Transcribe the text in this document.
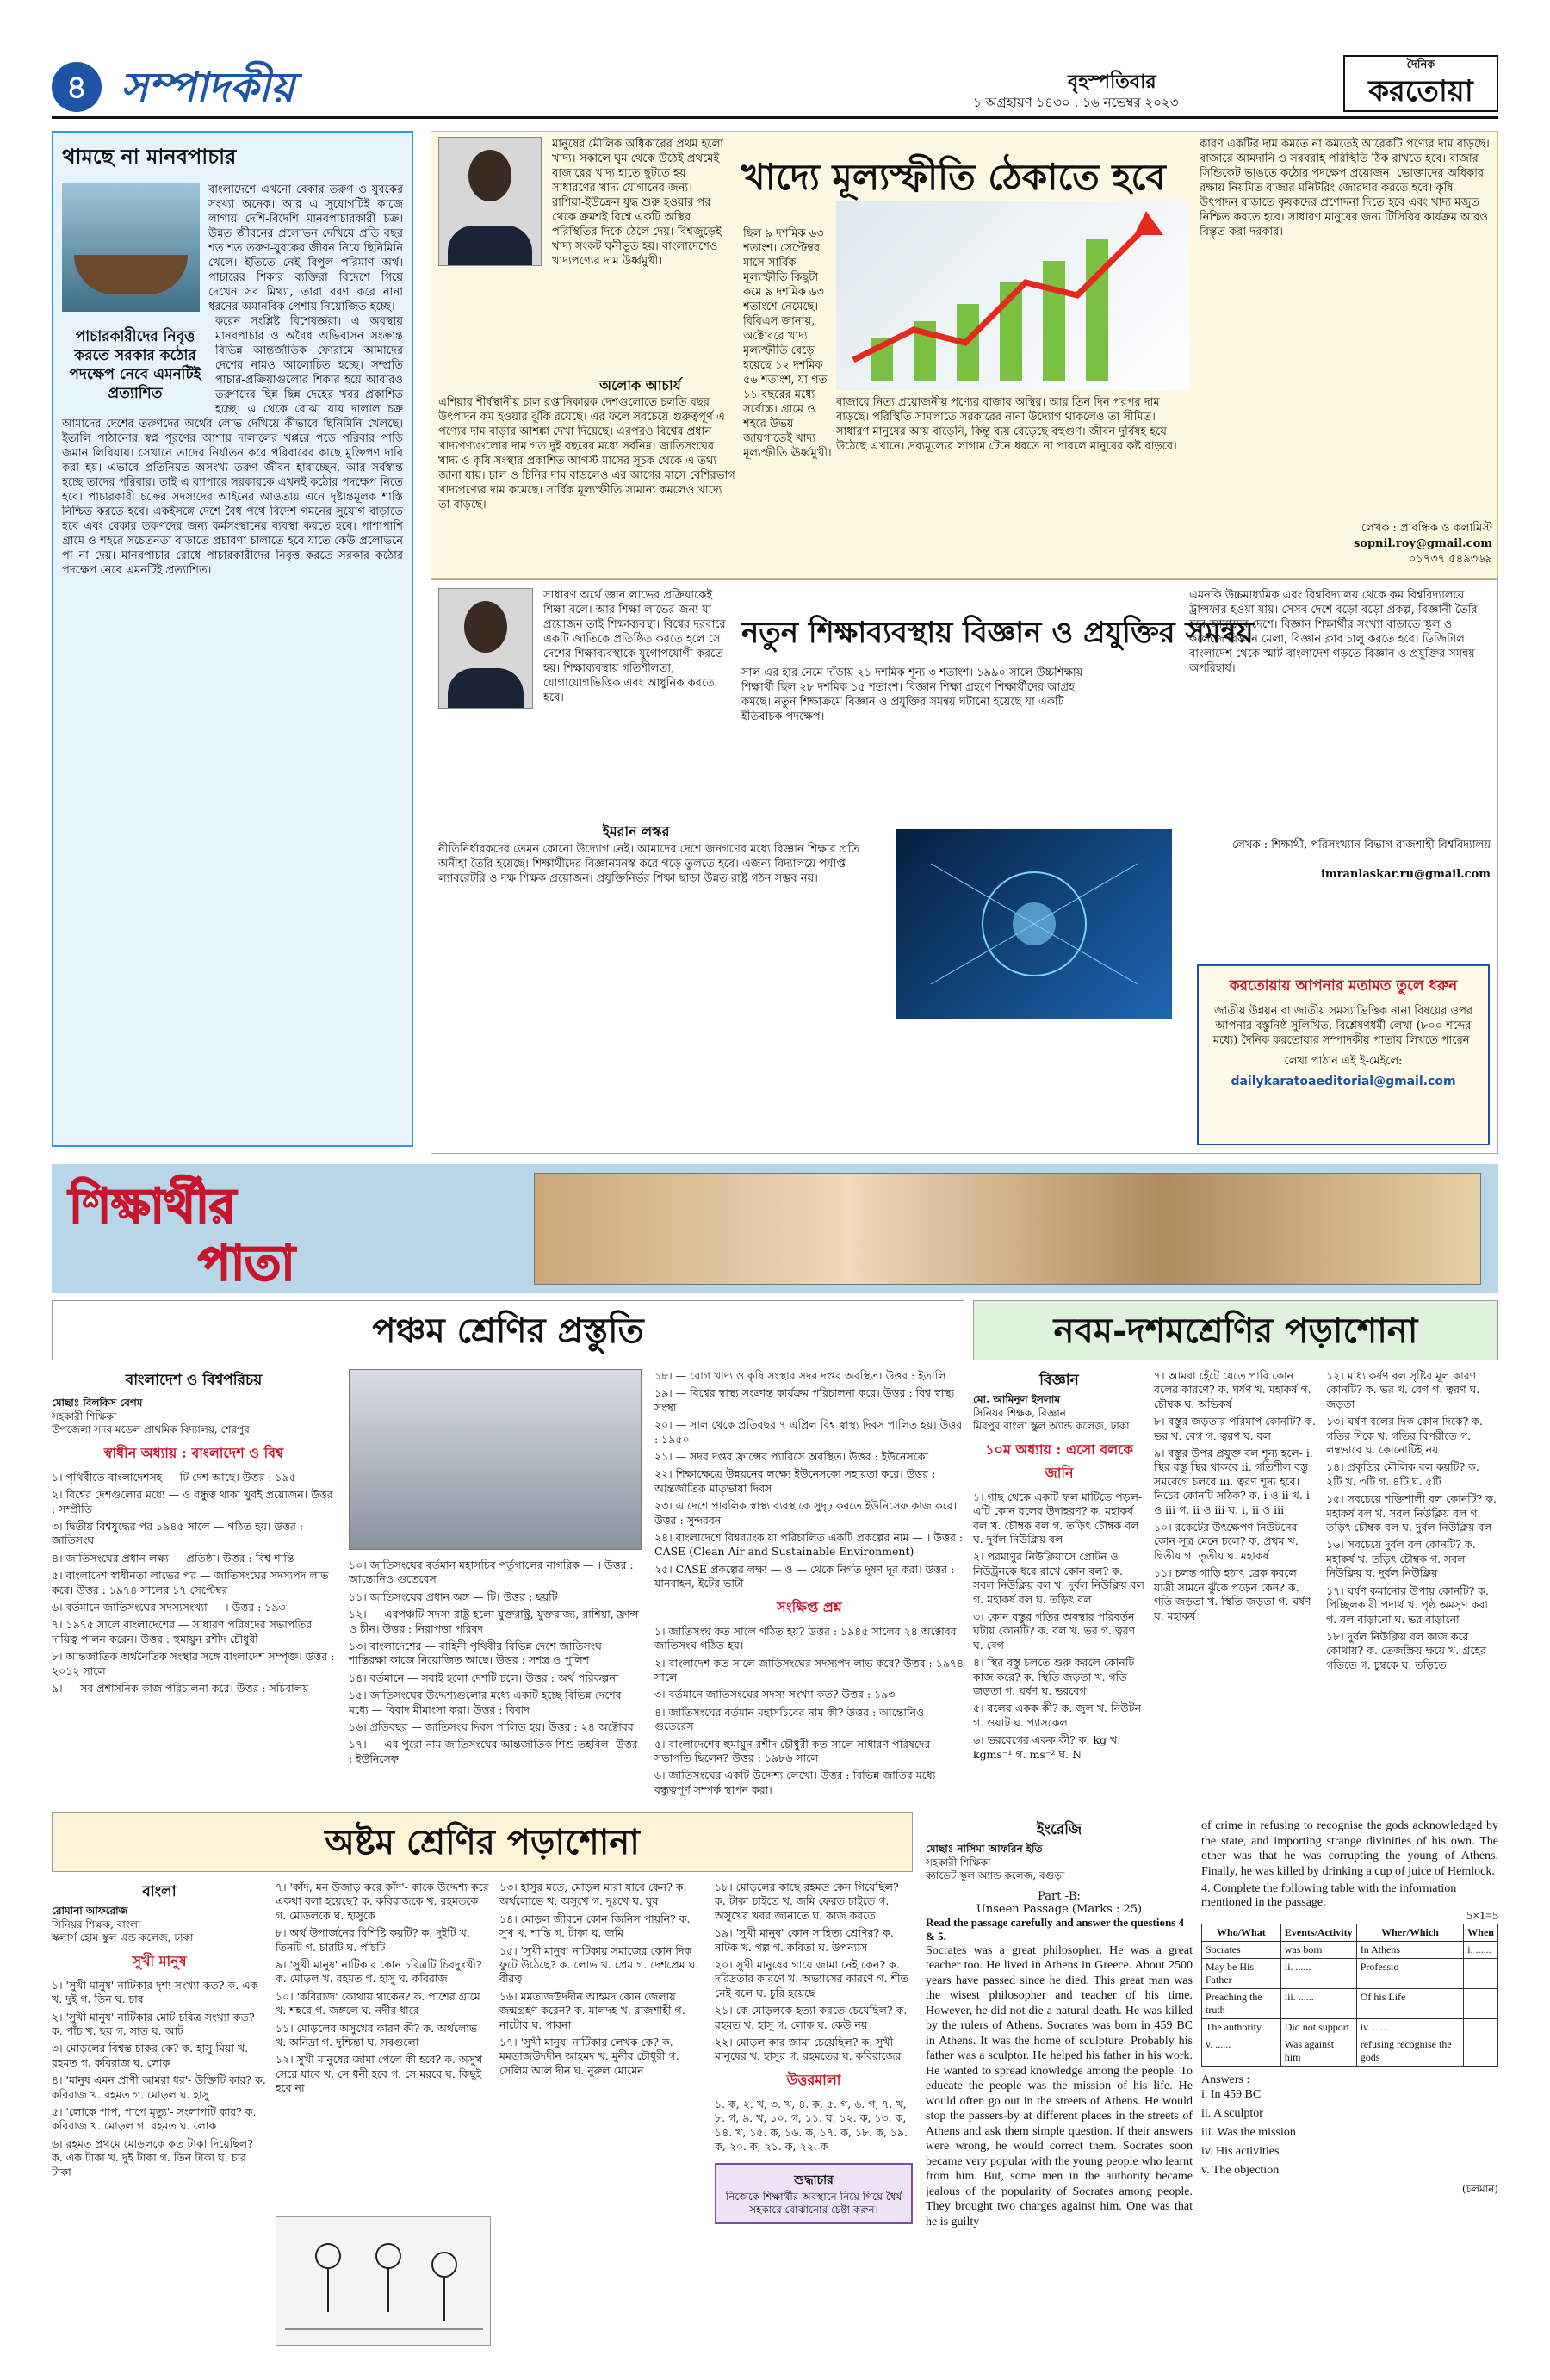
৪ সম্পাদকীয়	বৃহস্পতিবার
১ অগ্রহায়ণ ১৪৩০ : ১৬ নভেম্বর ২০২৩
দৈনিক
করতোয়া
থামছে না মানবপাচার

বাংলাদেশে এখনো বেকার তরুণ ও যুবকের সংখ্যা অনেক। আর এ সুযোগটিই কাজে লাগায় দেশি-বিদেশি মানবপাচারকারী চক্র। উন্নত জীবনের প্রলোভন দেখিয়ে প্রতি বছর শত শত তরুণ-যুবকের জীবন নিয়ে ছিনিমিনি খেলে। ইতিতে নেই বিপুল পরিমাণ অর্থ। পাচারের শিকার ব্যক্তিরা বিদেশে গিয়ে দেখেন সব মিথ্যা, তারা বরণ করে নানা ধরনের অমানবিক পেশায় নিয়োজিত হচ্ছে।

পাচারকারীদের নিবৃত্ত করতে সরকার কঠোর পদক্ষেপ নেবে এমনটিই প্রত্যাশিত

করেন সংশ্লিষ্ট বিশেষজ্ঞরা। এ অবস্থায় মানবপাচার ও অবৈধ অভিবাসন সংক্রান্ত বিভিন্ন আন্তর্জাতিক ফোরামে আমাদের দেশের নামও আলোচিত হচ্ছে। সম্প্রতি পাচার-প্রক্রিয়াগুলোর শিকার হয়ে আবারও তরুণদের ছিন্ন ছিন্ন দেহের খবর প্রকাশিত হচ্ছে। এ থেকে বোঝা যায় দালাল চক্র আমাদের দেশের তরুণদের অর্থের লোভ দেখিয়ে কীভাবে ছিনিমিনি খেলছে। ইতালি পাঠানোর স্বপ্ন পূরণের আশায় দালালের খপ্পরে পড়ে পরিবার পাড়ি জমান লিবিয়ায়। সেখানে তাদের নির্যাতন করে পরিবারের কাছে মুক্তিপণ দাবি করা হয়। এভাবে প্রতিনিয়ত অসংখ্য তরুণ জীবন হারাচ্ছেন, আর সর্বস্বান্ত হচ্ছে তাদের পরিবার। তাই এ ব্যাপারে সরকারকে এখনই কঠোর পদক্ষেপ নিতে হবে। পাচারকারী চক্রের সদস্যদের আইনের আওতায় এনে দৃষ্টান্তমূলক শাস্তি নিশ্চিত করতে হবে। একইসঙ্গে দেশে বৈধ পথে বিদেশ গমনের সুযোগ বাড়াতে হবে এবং বেকার তরুণদের জন্য কর্মসংস্থানের ব্যবস্থা করতে হবে। পাশাপাশি গ্রামে ও শহরে সচেতনতা বাড়াতে প্রচারণা চালাতে হবে যাতে কেউ প্রলোভনে পা না দেয়। মানবপাচার রোধে পাচারকারীদের নিবৃত্ত করতে সরকার কঠোর পদক্ষেপ নেবে এমনটিই প্রত্যাশিত।

মানুষের মৌলিক অধিকারের প্রথম হলো খাদ্য। সকালে ঘুম থেকে উঠেই প্রথমেই বাজারের খাদ্য হাতে ছুটতে হয় সাধারণের খাদ্য যোগানের জন্য। রাশিয়া-ইউক্রেন যুদ্ধ শুরু হওয়ার পর থেকে ক্রমশই বিশ্বে একটি অস্থির পরিস্থিতির দিকে ঠেলে দেয়। বিশ্বজুড়েই খাদ্য সংকট ঘনীভূত হয়। বাংলাদেশেও খাদ্যপণ্যের দাম উর্ধ্বমুখী।
অলোক আচার্য
খাদ্যে মূল্যস্ফীতি ঠেকাতে হবে
এশিয়ার শীর্ষস্থানীয় চাল রপ্তানিকারক দেশগুলোতে চলতি বছর উৎপাদন কম হওয়ার ঝুঁকি রয়েছে। এর ফলে সবচেয়ে গুরুত্বপূর্ণ এ পণ্যের দাম বাড়ার আশঙ্কা দেখা দিয়েছে। এরপরও বিশ্বের প্রধান খাদ্যপণ্যগুলোর দাম গত দুই বছরের মধ্যে সর্বনিম্ন। জাতিসংঘের খাদ্য ও কৃষি সংস্থার প্রকাশিত আগস্ট মাসের সূচক থেকে এ তথ্য জানা যায়। চাল ও চিনির দাম বাড়লেও এর আগের মাসে বেশিরভাগ খাদ্যপণ্যের দাম কমেছে। সার্বিক মূল্যস্ফীতি সামান্য কমলেও খাদ্যে তা বাড়ছে।
ছিল ৯ দশমিক ৬৩ শতাংশ। সেপ্টেম্বর মাসে সার্বিক মূল্যস্ফীতি কিছুটা কমে ৯ দশমিক ৬৩ শতাংশে নেমেছে। বিবিএস জানায়, অক্টোবরে খাদ্য মূল্যস্ফীতি বেড়ে হয়েছে ১২ দশমিক ৫৬ শতাংশ, যা গত ১১ বছরের মধ্যে সর্বোচ্চ। গ্রামে ও শহরে উভয় জায়গাতেই খাদ্য মূল্যস্ফীতি ঊর্ধ্বমুখী।
বাজারে নিত্য প্রয়োজনীয় পণ্যের বাজার অস্থির। আর তিন দিন পরপর দাম বাড়ছে। পরিস্থিতি সামলাতে সরকারের নানা উদ্যোগ থাকলেও তা সীমিত। সাধারণ মানুষের আয় বাড়েনি, কিন্তু ব্যয় বেড়েছে বহুগুণ। জীবন দুর্বিষহ হয়ে উঠেছে এখানে। দ্রব্যমূল্যের লাগাম টেনে ধরতে না পারলে মানুষের কষ্ট বাড়বে।
কারণ একটির দাম কমতে না কমতেই আরেকটি পণ্যের দাম বাড়ছে। বাজারে আমদানি ও সরবরাহ পরিস্থিতি ঠিক রাখতে হবে। বাজার সিন্ডিকেট ভাঙতে কঠোর পদক্ষেপ প্রয়োজন। ভোক্তাদের অধিকার রক্ষায় নিয়মিত বাজার মনিটরিং জোরদার করতে হবে। কৃষি উৎপাদন বাড়াতে কৃষকদের প্রণোদনা দিতে হবে এবং খাদ্য মজুত নিশ্চিত করতে হবে। সাধারণ মানুষের জন্য টিসিবির কার্যক্রম আরও বিস্তৃত করা দরকার।
লেখক : প্রাবন্ধিক ও কলামিস্ট
sopnil.roy@gmail.com
০১৭৩৭ ৫৪৯৩৬৯
সাধারণ অর্থে জ্ঞান লাভের প্রক্রিয়াকেই শিক্ষা বলে। আর শিক্ষা লাভের জন্য যা প্রয়োজন তাই শিক্ষাব্যবস্থা। বিশ্বের দরবারে একটি জাতিকে প্রতিষ্ঠিত করতে হলে সে দেশের শিক্ষাব্যবস্থাকে যুগোপযোগী করতে হয়। শিক্ষাব্যবস্থায় গতিশীলতা, যোগাযোগভিত্তিক এবং আধুনিক করতে হবে।
ইমরান লস্কর
নতুন শিক্ষাব্যবস্থায় বিজ্ঞান ও প্রযুক্তির সমন্বয়
সাল এর হার নেমে দাঁড়ায় ২১ দশমিক শূন্য ৩ শতাংশ। ১৯৯০ সালে উচ্চশিক্ষায় শিক্ষার্থী ছিল ২৮ দশমিক ১৫ শতাংশ। বিজ্ঞান শিক্ষা গ্রহণে শিক্ষার্থীদের আগ্রহ কমছে। নতুন শিক্ষাক্রমে বিজ্ঞান ও প্রযুক্তির সমন্বয় ঘটানো হয়েছে যা একটি ইতিবাচক পদক্ষেপ।
নীতিনির্ধারকদের তেমন কোনো উদ্যোগ নেই। আমাদের দেশে জনগণের মধ্যে বিজ্ঞান শিক্ষার প্রতি অনীহা তৈরি হয়েছে। শিক্ষার্থীদের বিজ্ঞানমনস্ক করে গড়ে তুলতে হবে। এজন্য বিদ্যালয়ে পর্যাপ্ত ল্যাবরেটরি ও দক্ষ শিক্ষক প্রয়োজন। প্রযুক্তিনির্ভর শিক্ষা ছাড়া উন্নত রাষ্ট্র গঠন সম্ভব নয়।
এমনকি উচ্চমাধ্যমিক এবং বিশ্ববিদ্যালয় থেকে কম বিশ্ববিদ্যালয়ে ট্রান্সফার হওয়া যায়। সেসব দেশে বড়ো বড়ো প্রকল্প, বিজ্ঞানী তৈরি হবে আমাদের দেশে। বিজ্ঞান শিক্ষার্থীর সংখ্যা বাড়াতে স্কুল ও কলেজে বিজ্ঞান মেলা, বিজ্ঞান ক্লাব চালু করতে হবে। ডিজিটাল বাংলাদেশ থেকে স্মার্ট বাংলাদেশ গড়তে বিজ্ঞান ও প্রযুক্তির সমন্বয় অপরিহার্য।
লেখক : শিক্ষার্থী, পরিসংখ্যান বিভাগ রাজশাহী বিশ্ববিদ্যালয়
imranlaskar.ru@gmail.com
করতোয়ায় আপনার মতামত তুলে ধরুন

জাতীয় উন্নয়ন বা জাতীয় সমস্যাভিত্তিক নানা বিষয়ের ওপর আপনার বস্তুনিষ্ঠ সুলিখিত, বিশ্লেষণধর্মী লেখা (৮০০ শব্দের মধ্যে) দৈনিক করতোয়ার সম্পাদকীয় পাতায় লিখতে পারেন।

লেখা পাঠান এই ই-মেইলে:
dailykaratoaeditorial@gmail.com
শিক্ষার্থীর
পাতা
পঞ্চম শ্রেণির প্রস্তুতি
বাংলাদেশ ও বিশ্বপরিচয়
মোছাঃ বিলকিস বেগম
সহকারী শিক্ষিকা
উপজেলা সদর মডেল প্রাথমিক বিদ্যালয়, শেরপুর
স্বাধীন অধ্যায় : বাংলাদেশ ও বিশ্ব
১। পৃথিবীতে বাংলাদেশসহ — টি দেশ আছে। উত্তর : ১৯৫
২। বিশ্বের দেশগুলোর মধ্যে — ও বন্ধুত্ব থাকা খুবই প্রয়োজন। উত্তর : সম্প্রীতি
৩। দ্বিতীয় বিশ্বযুদ্ধের পর ১৯৪৫ সালে — গঠিত হয়। উত্তর : জাতিসংঘ
৪। জাতিসংঘের প্রধান লক্ষ্য — প্রতিষ্ঠা। উত্তর : বিশ্ব শান্তি
৫। বাংলাদেশ স্বাধীনতা লাভের পর — জাতিসংঘের সদস্যপদ লাভ করে। উত্তর : ১৯৭৪ সালের ১৭ সেপ্টেম্বর
৬। বর্তমানে জাতিসংঘের সদস্যসংখ্যা — । উত্তর : ১৯৩
৭। ১৯৭৫ সালে বাংলাদেশের — সাধারণ পরিষদের সভাপতির দায়িত্ব পালন করেন। উত্তর : হুমায়ুন রশীদ চৌধুরী
৮। আন্তর্জাতিক অর্থনৈতিক সংস্থার সঙ্গে বাংলাদেশ সম্পৃক্ত। উত্তর : ২০১২ সালে
৯। — সব প্রশাসনিক কাজ পরিচালনা করে। উত্তর : সচিবালয়
১০। জাতিসংঘের বর্তমান মহাসচিব পর্তুগালের নাগরিক — । উত্তর : আন্তোনিও গুতেরেস
১১। জাতিসংঘের প্রধান অঙ্গ — টি। উত্তর : ছয়টি
১২। — এরপঞ্চটি সদস্য রাষ্ট্র হলো যুক্তরাষ্ট্র, যুক্তরাজ্য, রাশিয়া, ফ্রান্স ও চীন। উত্তর : নিরাপত্তা পরিষদ
১৩। বাংলাদেশের — বাহিনী পৃথিবীর বিভিন্ন দেশে জাতিসংঘ শান্তিরক্ষা কাজে নিয়োজিত আছে। উত্তর : সশস্ত্র ও পুলিশ
১৪। বর্তমানে — সবাই হলো দেশটি চলে। উত্তর : অর্থ পরিকল্পনা
১৫। জাতিসংঘের উদ্দেশ্যগুলোর মধ্যে একটি হচ্ছে বিভিন্ন দেশের মধ্যে — বিবাদ মীমাংসা করা। উত্তর : বিবাদ
১৬। প্রতিবছর — জাতিসংঘ দিবস পালিত হয়। উত্তর : ২৪ অক্টোবর
১৭। — এর পুরো নাম জাতিসংঘের আন্তর্জাতিক শিশু তহবিল। উত্তর : ইউনিসেফ
১৮। — রোগ খাদ্য ও কৃষি সংস্থার সদর দপ্তর অবস্থিত। উত্তর : ইতালি
১৯। — বিশ্বের স্বাস্থ্য সংক্রান্ত কার্যক্রম পরিচালনা করে। উত্তর : বিশ্ব স্বাস্থ্য সংস্থা
২০। — সাল থেকে প্রতিবছর ৭ এপ্রিল বিশ্ব স্বাস্থ্য দিবস পালিত হয়। উত্তর : ১৯৫০
২১। — সদর দপ্তর ফ্রান্সের প্যারিসে অবস্থিত। উত্তর : ইউনেসকো
২২। শিক্ষাক্ষেত্রে উন্নয়নের লক্ষ্যে ইউনেসকো সহায়তা করে। উত্তর : আন্তর্জাতিক মাতৃভাষা দিবস
২৩। এ দেশে পাবলিক স্বাস্থ্য ব্যবস্থাকে সুদৃঢ় করতে ইউনিসেফ কাজ করে। উত্তর : সুন্দরবন
২৪। বাংলাদেশে বিশ্বব্যাংক যা পরিচালিত একটি প্রকল্পের নাম — । উত্তর : CASE (Clean Air and Sustainable Environment)
২৫। CASE প্রকল্পের লক্ষ্য — ও — থেকে নির্গত দূষণ দূর করা। উত্তর : যানবাহন, ইটের ভাটা
সংক্ষিপ্ত প্রশ্ন
১। জাতিসংঘ কত সালে গঠিত হয়? উত্তর : ১৯৪৫ সালের ২৪ অক্টোবর জাতিসংঘ গঠিত হয়।
২। বাংলাদেশ কত সালে জাতিসংঘের সদস্যপদ লাভ করে? উত্তর : ১৯৭৪ সালে
৩। বর্তমানে জাতিসংঘের সদস্য সংখ্যা কত? উত্তর : ১৯৩
৪। জাতিসংঘের বর্তমান মহাসচিবের নাম কী? উত্তর : আন্তোনিও গুতেরেস
৫। বাংলাদেশের হুমায়ুন রশীদ চৌধুরী কত সালে সাধারণ পরিষদের সভাপতি ছিলেন? উত্তর : ১৯৮৬ সালে
৬। জাতিসংঘের একটি উদ্দেশ্য লেখো। উত্তর : বিভিন্ন জাতির মধ্যে বন্ধুত্বপূর্ণ সম্পর্ক স্থাপন করা।
নবম-দশমশ্রেণির পড়াশোনা
বিজ্ঞান
মো. আমিনুল ইসলাম
সিনিয়র শিক্ষক, বিজ্ঞান
মিরপুর বাংলা স্কুল অ্যান্ড কলেজ, ঢাকা
১০ম অধ্যায় : এসো বলকে জানি
১। গাছ থেকে একটি ফল মাটিতে পড়ল- এটি কোন বলের উদাহরণ? ক. মহাকর্ষ বল খ. চৌম্বক বল গ. তড়িৎ চৌম্বক বল ঘ. দুর্বল নিউক্লিয় বল
২। পরমাণুর নিউক্লিয়াসে প্রোটন ও নিউট্রনকে ধরে রাখে কোন বল? ক. সবল নিউক্লিয় বল খ. দুর্বল নিউক্লিয় বল গ. মহাকর্ষ বল ঘ. তড়িৎ বল
৩। কোন বস্তুর গতির অবস্থার পরিবর্তন ঘটায় কোনটি? ক. বল খ. ভর গ. ত্বরণ ঘ. বেগ
৪। স্থির বস্তু চলতে শুরু করলে কোনটি কাজ করে? ক. স্থিতি জড়তা খ. গতি জড়তা গ. ঘর্ষণ ঘ. ভরবেগ
৫। বলের একক কী? ক. জুল খ. নিউটন গ. ওয়াট ঘ. প্যাসকেল
৬। ভরবেগের একক কী? ক. kg খ. kgms⁻¹ গ. ms⁻² ঘ. N
৭। আমরা হেঁটে যেতে পারি কোন বলের কারণে? ক. ঘর্ষণ খ. মহাকর্ষ গ. চৌম্বক ঘ. অভিকর্ষ
৮। বস্তুর জড়তার পরিমাপ কোনটি? ক. ভর খ. বেগ গ. ত্বরণ ঘ. বল
৯। বস্তুর উপর প্রযুক্ত বল শূন্য হলে- i. স্থির বস্তু স্থির থাকবে ii. গতিশীল বস্তু সমবেগে চলবে iii. ত্বরণ শূন্য হবে। নিচের কোনটি সঠিক? ক. i ও ii খ. i ও iii গ. ii ও iii ঘ. i, ii ও iii
১০। রকেটের উৎক্ষেপণ নিউটনের কোন সূত্র মেনে চলে? ক. প্রথম খ. দ্বিতীয় গ. তৃতীয় ঘ. মহাকর্ষ
১১। চলন্ত গাড়ি হঠাৎ ব্রেক করলে যাত্রী সামনে ঝুঁকে পড়েন কেন? ক. গতি জড়তা খ. স্থিতি জড়তা গ. ঘর্ষণ ঘ. মহাকর্ষ
১২। মাধ্যাকর্ষণ বল সৃষ্টির মূল কারণ কোনটি? ক. ভর খ. বেগ গ. ত্বরণ ঘ. জড়তা
১৩। ঘর্ষণ বলের দিক কোন দিকে? ক. গতির দিকে খ. গতির বিপরীতে গ. লম্বভাবে ঘ. কোনোটিই নয়
১৪। প্রকৃতির মৌলিক বল কয়টি? ক. ২টি খ. ৩টি গ. ৪টি ঘ. ৫টি
১৫। সবচেয়ে শক্তিশালী বল কোনটি? ক. মহাকর্ষ বল খ. সবল নিউক্লিয় বল গ. তড়িৎ চৌম্বক বল ঘ. দুর্বল নিউক্লিয় বল
১৬। সবচেয়ে দুর্বল বল কোনটি? ক. মহাকর্ষ খ. তড়িৎ চৌম্বক গ. সবল নিউক্লিয় ঘ. দুর্বল নিউক্লিয়
১৭। ঘর্ষণ কমানোর উপায় কোনটি? ক. পিচ্ছিলকারী পদার্থ খ. পৃষ্ঠ অমসৃণ করা গ. বল বাড়ানো ঘ. ভর বাড়ানো
১৮। দুর্বল নিউক্লিয় বল কাজ করে কোথায়? ক. তেজস্ক্রিয় ক্ষয়ে খ. গ্রহের গতিতে গ. চুম্বকে ঘ. তড়িতে
অষ্টম শ্রেণির পড়াশোনা
বাংলা
রোমানা আফরোজ
সিনিয়র শিক্ষক, বাংলা
স্কলার্স হোম স্কুল এন্ড কলেজ, ঢাকা
সুখী মানুষ
১। 'সুখী মানুষ' নাটিকার দৃশ্য সংখ্যা কত? ক. এক খ. দুই গ. তিন ঘ. চার
২। 'সুখী মানুষ' নাটিকার মোট চরিত্র সংখ্যা কত? ক. পাঁচ খ. ছয় গ. সাত ঘ. আট
৩। মোড়লের বিশ্বস্ত চাকর কে? ক. হাসু মিয়া খ. রহমত গ. কবিরাজ ঘ. লোক
৪। 'মানুষ এমন প্রাণী আমরা ধর'- উক্তিটি কার? ক. কবিরাজ খ. রহমত গ. মোড়ল ঘ. হাসু
৫। 'লোকে পাপ, পাপে মৃত্যু'- সংলাপটি কার? ক. কবিরাজ খ. মোড়ল গ. রহমত ঘ. লোক
৬। রহমত প্রথমে মোড়লকে কত টাকা দিয়েছিল? ক. এক টাকা খ. দুই টাকা গ. তিন টাকা ঘ. চার টাকা
৭। 'কাঁদ, মন উজাড় করে কাঁদ'- কাকে উদ্দেশ্য করে একথা বলা হয়েছে? ক. কবিরাজকে খ. রহমতকে গ. মোড়লকে ঘ. হাসুকে
৮। অর্থ উপার্জনের বিশিষ্টি কয়টি? ক. দুইটি খ. তিনটি গ. চারটি ঘ. পাঁচটি
৯। 'সুখী মানুষ' নাটিকার কোন চরিত্রটি চিরদুঃখী? ক. মোড়ল খ. রহমত গ. হাসু ঘ. কবিরাজ
১০। 'কবিরাজ' কোথায় থাকেন? ক. পাশের গ্রামে খ. শহরে গ. জঙ্গলে ঘ. নদীর ধারে
১১। মোড়লের অসুখের কারণ কী? ক. অর্থলোভ খ. অনিদ্রা গ. দুশ্চিন্তা ঘ. সবগুলো
১২। সুখী মানুষের জামা পেলে কী হবে? ক. অসুখ সেরে যাবে খ. সে ধনী হবে গ. সে মরবে ঘ. কিছুই হবে না
১৩। হাসুর মতে, মোড়ল মারা যাবে কেন? ক. অর্থলোভে খ. অসুখে গ. দুঃখে ঘ. ঘুষ
১৪। মোড়ল জীবনে কোন জিনিস পায়নি? ক. সুখ খ. শান্তি গ. টাকা ঘ. জমি
১৫। 'সুখী মানুষ' নাটিকায় সমাজের কোন দিক ফুটে উঠেছে? ক. লোভ খ. প্রেম গ. দেশপ্রেম ঘ. বীরত্ব
১৬। মমতাজউদদীন আহমদ কোন জেলায় জন্মগ্রহণ করেন? ক. মালদহ খ. রাজশাহী গ. নাটোর ঘ. পাবনা
১৭। 'সুখী মানুষ' নাটিকার লেখক কে? ক. মমতাজউদদীন আহমদ খ. মুনীর চৌধুরী গ. সেলিম আল দীন ঘ. নুরুল মোমেন
১৮। মোড়লের কাছে রহমত কেন গিয়েছিল? ক. টাকা চাইতে খ. জমি ফেরত চাইতে গ. অসুখের খবর জানাতে ঘ. কাজ করতে
১৯। 'সুখী মানুষ' কোন সাহিত্য শ্রেণির? ক. নাটক খ. গল্প গ. কবিতা ঘ. উপন্যাস
২০। সুখী মানুষের গায়ে জামা নেই কেন? ক. দরিদ্রতার কারণে খ. অভ্যাসের কারণে গ. শীত নেই বলে ঘ. চুরি হয়েছে
২১। কে মোড়লকে হত্যা করতে চেয়েছিল? ক. রহমত খ. হাসু গ. লোক ঘ. কেউ নয়
২২। মোড়ল কার জামা চেয়েছিল? ক. সুখী মানুষের খ. হাসুর গ. রহমতের ঘ. কবিরাজের
উত্তরমালা
১. ক, ২. খ, ৩. খ, ৪. ক, ৫. গ, ৬. গ, ৭. খ, ৮. গ, ৯. খ, ১০. গ, ১১. ঘ, ১২. ক, ১৩. ক, ১৪. খ, ১৫. ক, ১৬. ক, ১৭. ক, ১৮. ক, ১৯. ক, ২০. ক, ২১. ক, ২২. ক
শুদ্ধাচার
নিজেকে শিক্ষার্থীর অবস্থানে নিয়ে গিয়ে ধৈর্য সহকারে বোঝানোর চেষ্টা করুন।
ইংরেজি
মোছাঃ নাসিমা আফরিন ইতি
সহকারী শিক্ষিকা
ক্যাডেট স্কুল অ্যান্ড কলেজ, বগুড়া
Part -B:
Unseen Passage (Marks : 25)
Read the passage carefully and answer the questions 4 & 5.

Socrates was a great philosopher. He was a great teacher too. He lived in Athens in Greece. About 2500 years have passed since he died. This great man was the wisest philosopher and teacher of his time. However, he did not die a natural death. He was killed by the rulers of Athens. Socrates was born in 459 BC in Athens. It was the home of sculpture. Probably his father was a sculptor. He helped his father in his work. He wanted to spread knowledge among the people. To educate the people was the mission of his life. He would often go out in the streets of Athens. He would stop the passers-by at different places in the streets of Athens and ask them simple question. If their answers were wrong, he would correct them. Socrates soon became very popular with the young people who learnt from him. But, some men in the authority became jealous of the popularity of Socrates among people. They brought two charges against him. One was that he is guilty

of crime in refusing to recognise the gods acknowledged by the state, and importing strange divinities of his own. The other was that he was corrupting the young of Athens. Finally, he was killed by drinking a cup of juice of Hemlock.

4. Complete the following table with the information mentioned in the passage.
5×1=5
Who/What	Events/Activity	Wher/Which	When
Socrates	was born	In Athens	i. ......
May be His Father	ii. ......	Professio	
Preaching the truth	iii. ......	Of his Life	
The authority	Did not support	iv. ......	
v. ......	Was against him	refusing recognise the gods	
Answers :
i. In 459 BC
ii. A sculptor
iii. Was the mission
iv. His activities
v. The objection
(চলমান)
